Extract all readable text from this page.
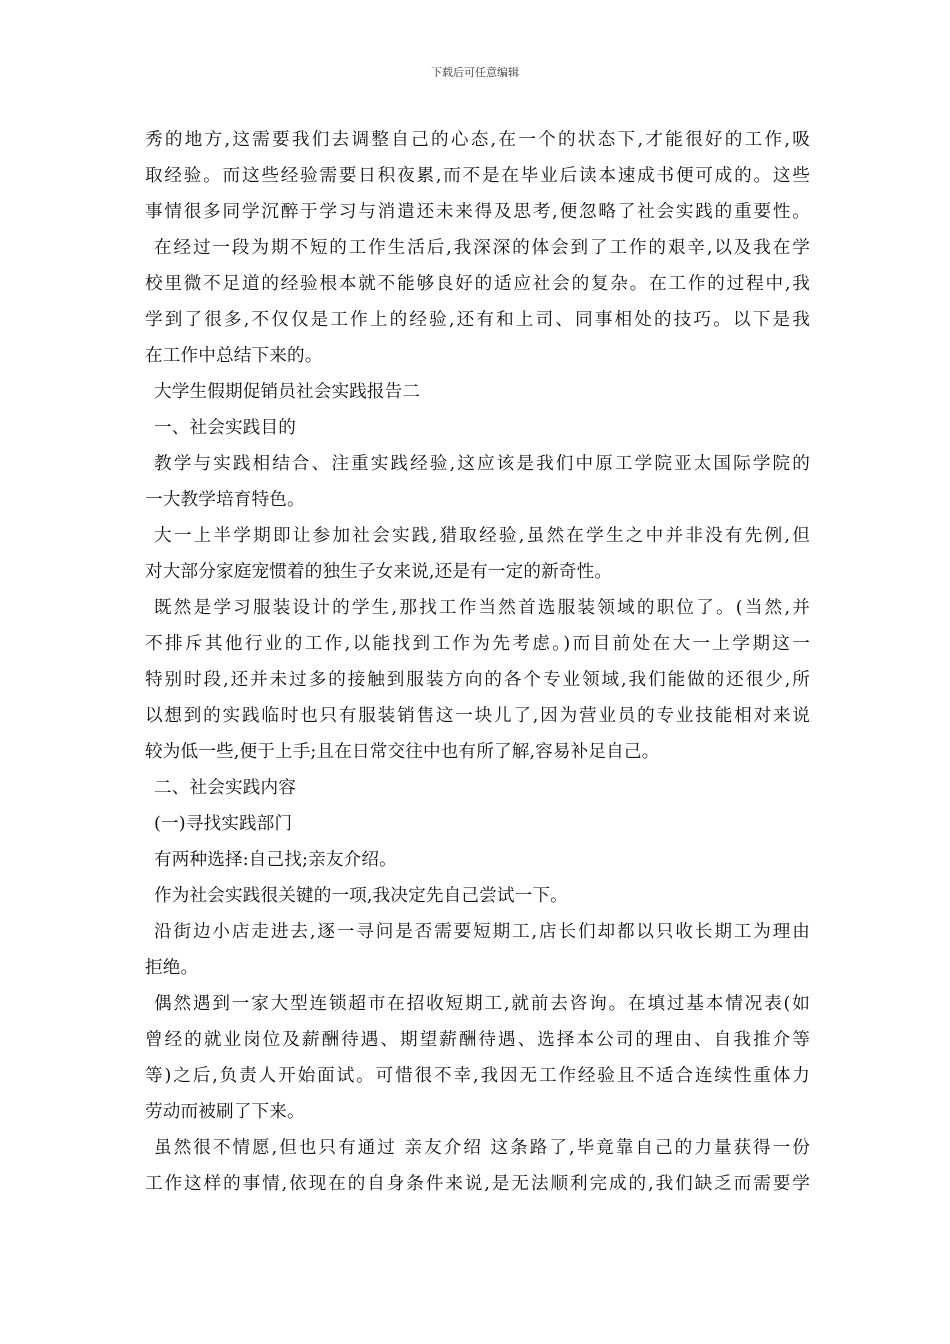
下载后可任意编辑
秀的地方,这需要我们去调整自己的心态,在一个的状态下,才能很好的工作,吸
取经验。而这些经验需要日积夜累,而不是在毕业后读本速成书便可成的。这些
事情很多同学沉醉于学习与消遣还未来得及思考,便忽略了社会实践的重要性。
在经过一段为期不短的工作生活后,我深深的体会到了工作的艰辛,以及我在学
校里微不足道的经验根本就不能够良好的适应社会的复杂。在工作的过程中,我
学到了很多,不仅仅是工作上的经验,还有和上司、同事相处的技巧。以下是我
在工作中总结下来的。
大学生假期促销员社会实践报告二
一、社会实践目的
教学与实践相结合、注重实践经验,这应该是我们中原工学院亚太国际学院的
一大教学培育特色。
大一上半学期即让参加社会实践,猎取经验,虽然在学生之中并非没有先例,但
对大部分家庭宠惯着的独生子女来说,还是有一定的新奇性。
既然是学习服装设计的学生,那找工作当然首选服装领域的职位了。(当然,并
不排斥其他行业的工作,以能找到工作为先考虑。)而目前处在大一上学期这一
特别时段,还并未过多的接触到服装方向的各个专业领域,我们能做的还很少,所
以想到的实践临时也只有服装销售这一块儿了,因为营业员的专业技能相对来说
较为低一些,便于上手;且在日常交往中也有所了解,容易补足自己。
二、社会实践内容
(一)寻找实践部门
有两种选择:自己找;亲友介绍。
作为社会实践很关键的一项,我决定先自己尝试一下。
沿街边小店走进去,逐一寻问是否需要短期工,店长们却都以只收长期工为理由
拒绝。
偶然遇到一家大型连锁超市在招收短期工,就前去咨询。在填过基本情况表(如
曾经的就业岗位及薪酬待遇、期望薪酬待遇、选择本公司的理由、自我推介等
等)之后,负责人开始面试。可惜很不幸,我因无工作经验且不适合连续性重体力
劳动而被刷了下来。
虽然很不情愿,但也只有通过 亲友介绍 这条路了,毕竟靠自己的力量获得一份
工作这样的事情,依现在的自身条件来说,是无法顺利完成的,我们缺乏而需要学
